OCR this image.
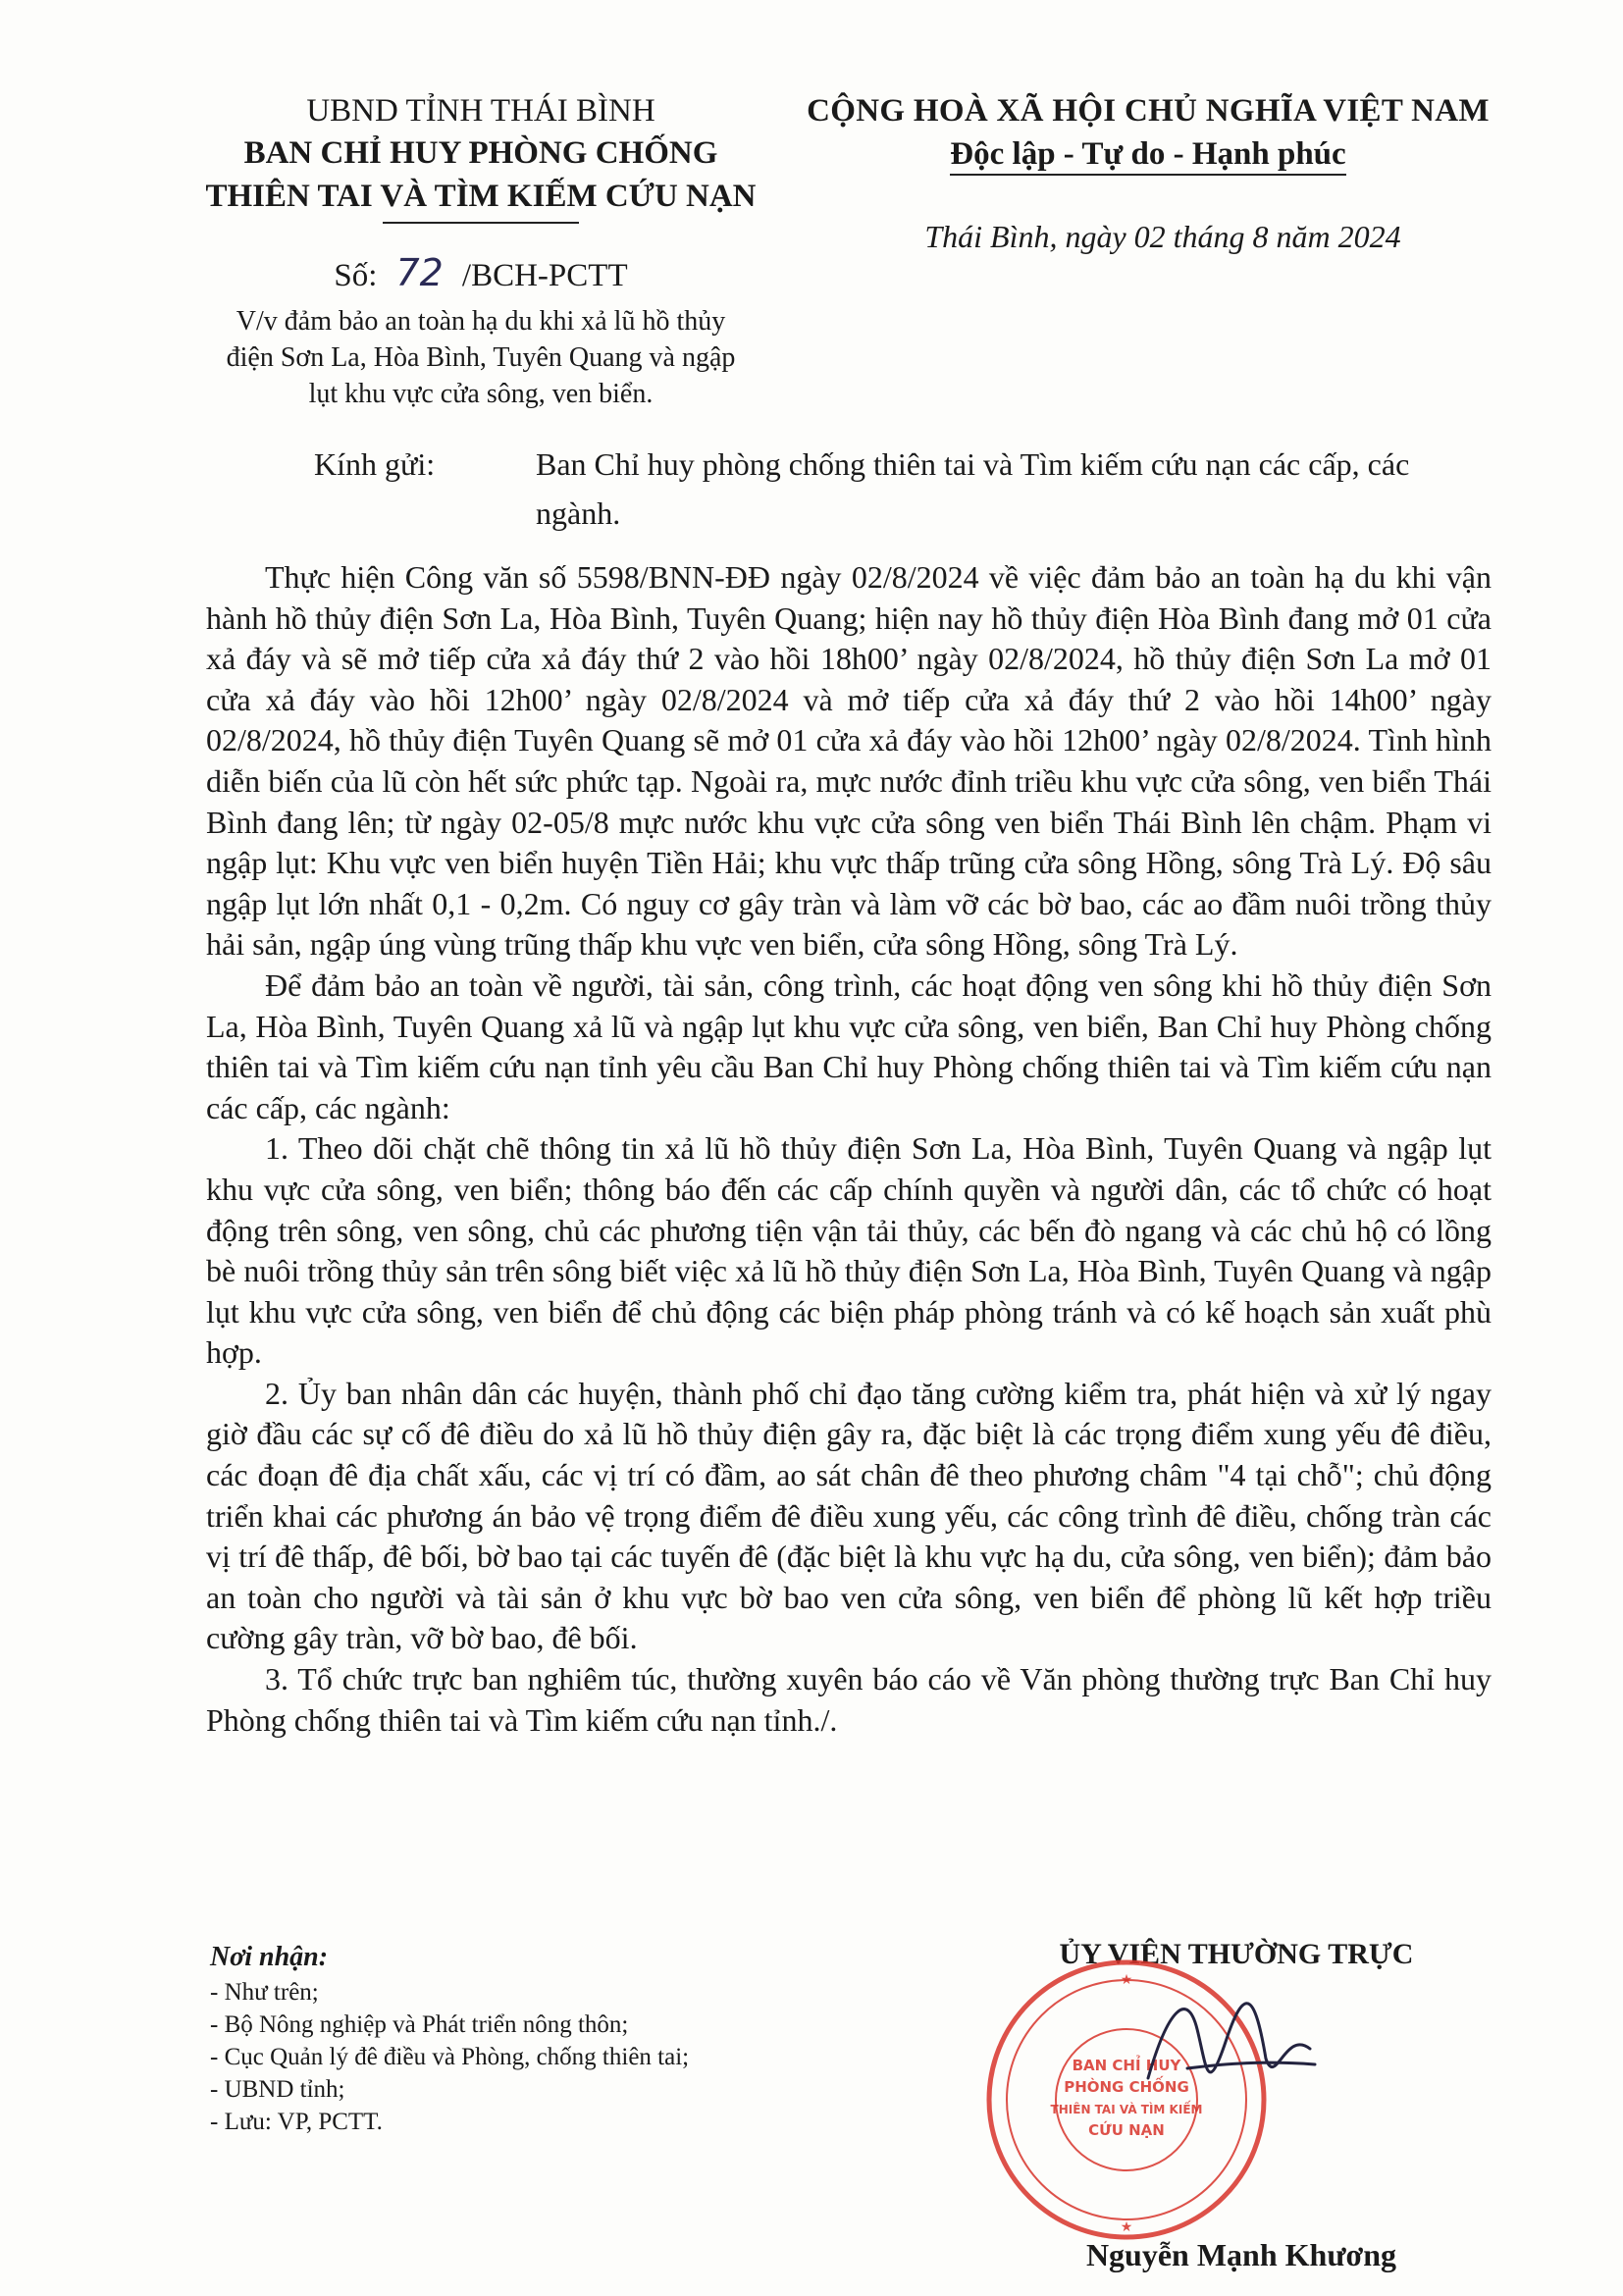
UBND TỈNH THÁI BÌNH
BAN CHỈ HUY PHÒNG CHỐNG
THIÊN TAI VÀ TÌM KIẾM CỨU NẠN
Số: 72 /BCH-PCTT
V/v đảm bảo an toàn hạ du khi xả lũ hồ thủy điện Sơn La, Hòa Bình, Tuyên Quang và ngập lụt khu vực cửa sông, ven biển.
CỘNG HOÀ XÃ HỘI CHỦ NGHĨA VIỆT NAM
Độc lập - Tự do - Hạnh phúc
Thái Bình, ngày 02 tháng 8 năm 2024
Kính gửi:	Ban Chỉ huy phòng chống thiên tai và Tìm kiếm cứu nạn các cấp, các ngành.

Thực hiện Công văn số 5598/BNN-ĐĐ ngày 02/8/2024 về việc đảm bảo an toàn hạ du khi vận hành hồ thủy điện Sơn La, Hòa Bình, Tuyên Quang; hiện nay hồ thủy điện Hòa Bình đang mở 01 cửa xả đáy và sẽ mở tiếp cửa xả đáy thứ 2 vào hồi 18h00’ ngày 02/8/2024, hồ thủy điện Sơn La mở 01 cửa xả đáy vào hồi 12h00’ ngày 02/8/2024 và mở tiếp cửa xả đáy thứ 2 vào hồi 14h00’ ngày 02/8/2024, hồ thủy điện Tuyên Quang sẽ mở 01 cửa xả đáy vào hồi 12h00’ ngày 02/8/2024. Tình hình diễn biến của lũ còn hết sức phức tạp. Ngoài ra, mực nước đỉnh triều khu vực cửa sông, ven biển Thái Bình đang lên; từ ngày 02-05/8 mực nước khu vực cửa sông ven biển Thái Bình lên chậm. Phạm vi ngập lụt: Khu vực ven biển huyện Tiền Hải; khu vực thấp trũng cửa sông Hồng, sông Trà Lý. Độ sâu ngập lụt lớn nhất 0,1 - 0,2m. Có nguy cơ gây tràn và làm vỡ các bờ bao, các ao đầm nuôi trồng thủy hải sản, ngập úng vùng trũng thấp khu vực ven biển, cửa sông Hồng, sông Trà Lý.

Để đảm bảo an toàn về người, tài sản, công trình, các hoạt động ven sông khi hồ thủy điện Sơn La, Hòa Bình, Tuyên Quang xả lũ và ngập lụt khu vực cửa sông, ven biển, Ban Chỉ huy Phòng chống thiên tai và Tìm kiếm cứu nạn tỉnh yêu cầu Ban Chỉ huy Phòng chống thiên tai và Tìm kiếm cứu nạn các cấp, các ngành:

1. Theo dõi chặt chẽ thông tin xả lũ hồ thủy điện Sơn La, Hòa Bình, Tuyên Quang và ngập lụt khu vực cửa sông, ven biển; thông báo đến các cấp chính quyền và người dân, các tổ chức có hoạt động trên sông, ven sông, chủ các phương tiện vận tải thủy, các bến đò ngang và các chủ hộ có lồng bè nuôi trồng thủy sản trên sông biết việc xả lũ hồ thủy điện Sơn La, Hòa Bình, Tuyên Quang và ngập lụt khu vực cửa sông, ven biển để chủ động các biện pháp phòng tránh và có kế hoạch sản xuất phù hợp.

2. Ủy ban nhân dân các huyện, thành phố chỉ đạo tăng cường kiểm tra, phát hiện và xử lý ngay giờ đầu các sự cố đê điều do xả lũ hồ thủy điện gây ra, đặc biệt là các trọng điểm xung yếu đê điều, các đoạn đê địa chất xấu, các vị trí có đầm, ao sát chân đê theo phương châm "4 tại chỗ"; chủ động triển khai các phương án bảo vệ trọng điểm đê điều xung yếu, các công trình đê điều, chống tràn các vị trí đê thấp, đê bối, bờ bao tại các tuyến đê (đặc biệt là khu vực hạ du, cửa sông, ven biển); đảm bảo an toàn cho người và tài sản ở khu vực bờ bao ven cửa sông, ven biển để phòng lũ kết hợp triều cường gây tràn, vỡ bờ bao, đê bối.

3. Tổ chức trực ban nghiêm túc, thường xuyên báo cáo về Văn phòng thường trực Ban Chỉ huy Phòng chống thiên tai và Tìm kiếm cứu nạn tỉnh./.

Nơi nhận:
- Như trên;
- Bộ Nông nghiệp và Phát triển nông thôn;
- Cục Quản lý đê điều và Phòng, chống thiên tai;
- UBND tỉnh;
- Lưu: VP, PCTT.
ỦY VIÊN THƯỜNG TRỰC
Nguyễn Mạnh Khương
BAN CHỈ HUY
PHÒNG CHỐNG
THIÊN TAI VÀ TÌM KIẾM
CỨU NẠN
★
★
